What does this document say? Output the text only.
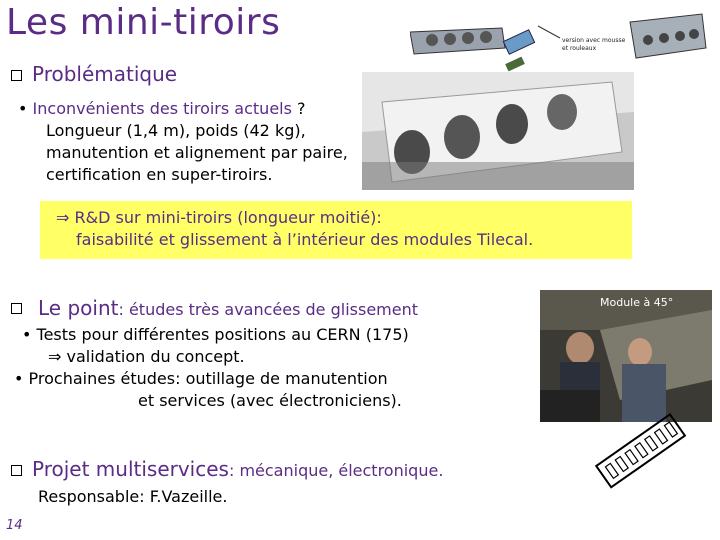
Les mini-tiroirs	version avec mousse
et rouleaux
Problématique
• Inconvénients des tiroirs actuels ?
Longueur (1,4 m), poids (42 kg),
manutention et alignement par paire,
certification en super-tiroirs.
⇒ R&D sur mini-tiroirs (longueur moitié):
faisabilité et glissement à l’intérieur des modules Tilecal.
Le point: études très avancées de glissement
• Tests pour différentes positions au CERN (175)
⇒ validation du concept.
• Prochaines études: outillage de manutention
et services (avec électroniciens).
Module à 45°
Projet multiservices: mécanique, électronique.
Responsable: F.Vazeille.
14
